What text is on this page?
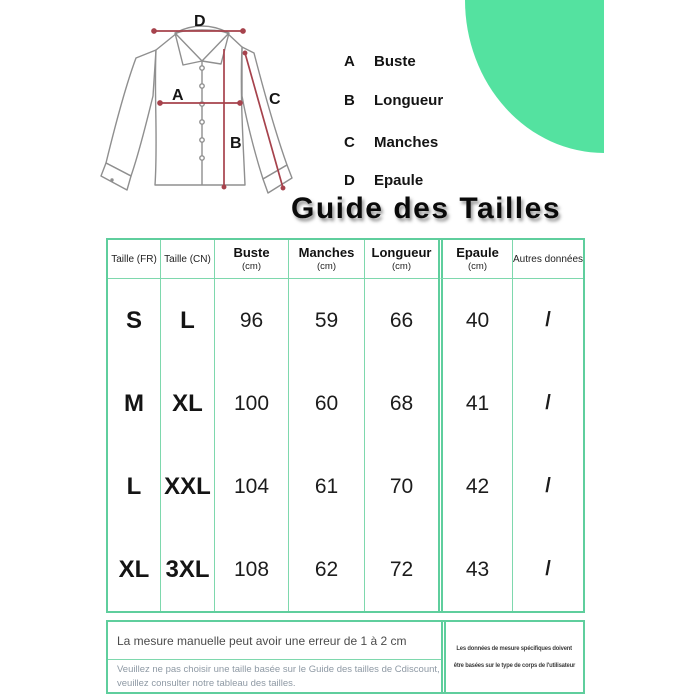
D
A
B
C
A	Buste
B	Longueur
C	Manches
D	Epaule
Guide des Tailles
Taille (FR) Taille (CN) Buste
(cm)
Manches
(cm)
Longueur
(cm)
Epaule
(cm)
Autres données
S L 96 59 66	40	/
M XL 100 60 68	41	/
L XXL 104 61 70	42	/
XL 3XL 108 62 72	43	/
La mesure manuelle peut avoir une erreur de 1 à 2 cm
Veuillez ne pas choisir une taille basée sur le Guide des tailles de Cdiscount,
veuillez consulter notre tableau des tailles.
Les données de mesure spécifiques doivent
être basées sur le type de corps de l'utilisateur
